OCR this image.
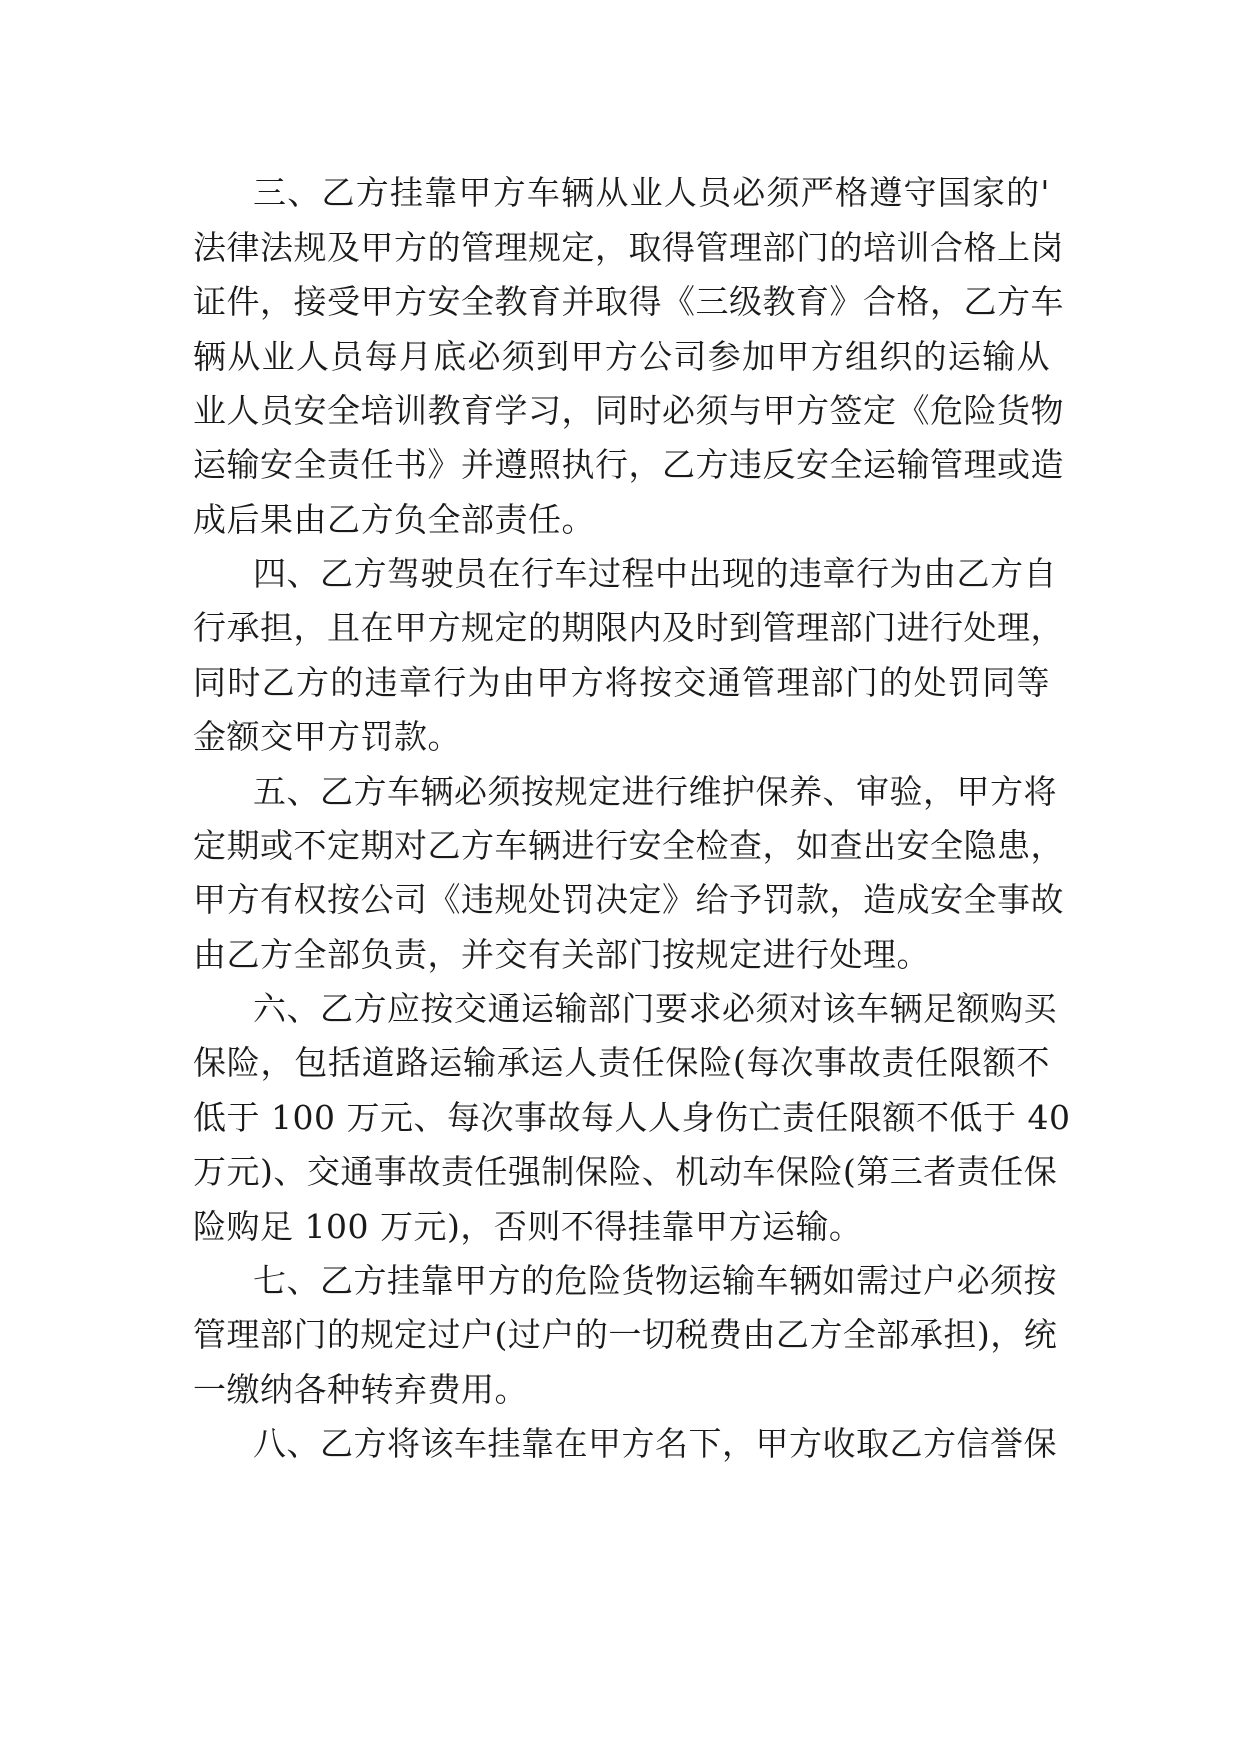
三、乙方挂靠甲方车辆从业人员必须严格遵守国家的'
法律法规及甲方的管理规定，取得管理部门的培训合格上岗
证件，接受甲方安全教育并取得《三级教育》合格，乙方车
辆从业人员每月底必须到甲方公司参加甲方组织的运输从
业人员安全培训教育学习，同时必须与甲方签定《危险货物
运输安全责任书》并遵照执行，乙方违反安全运输管理或造
成后果由乙方负全部责任。
四、乙方驾驶员在行车过程中出现的违章行为由乙方自
行承担，且在甲方规定的期限内及时到管理部门进行处理，
同时乙方的违章行为由甲方将按交通管理部门的处罚同等
金额交甲方罚款。
五、乙方车辆必须按规定进行维护保养、审验，甲方将
定期或不定期对乙方车辆进行安全检查，如查出安全隐患，
甲方有权按公司《违规处罚决定》给予罚款，造成安全事故
由乙方全部负责，并交有关部门按规定进行处理。
六、乙方应按交通运输部门要求必须对该车辆足额购买
保险，包括道路运输承运人责任保险(每次事故责任限额不
低于 100 万元、每次事故每人人身伤亡责任限额不低于 40
万元)、交通事故责任强制保险、机动车保险(第三者责任保
险购足 100 万元)，否则不得挂靠甲方运输。
七、乙方挂靠甲方的危险货物运输车辆如需过户必须按
管理部门的规定过户(过户的一切税费由乙方全部承担)，统
一缴纳各种转弃费用。
八、乙方将该车挂靠在甲方名下，甲方收取乙方信誉保
